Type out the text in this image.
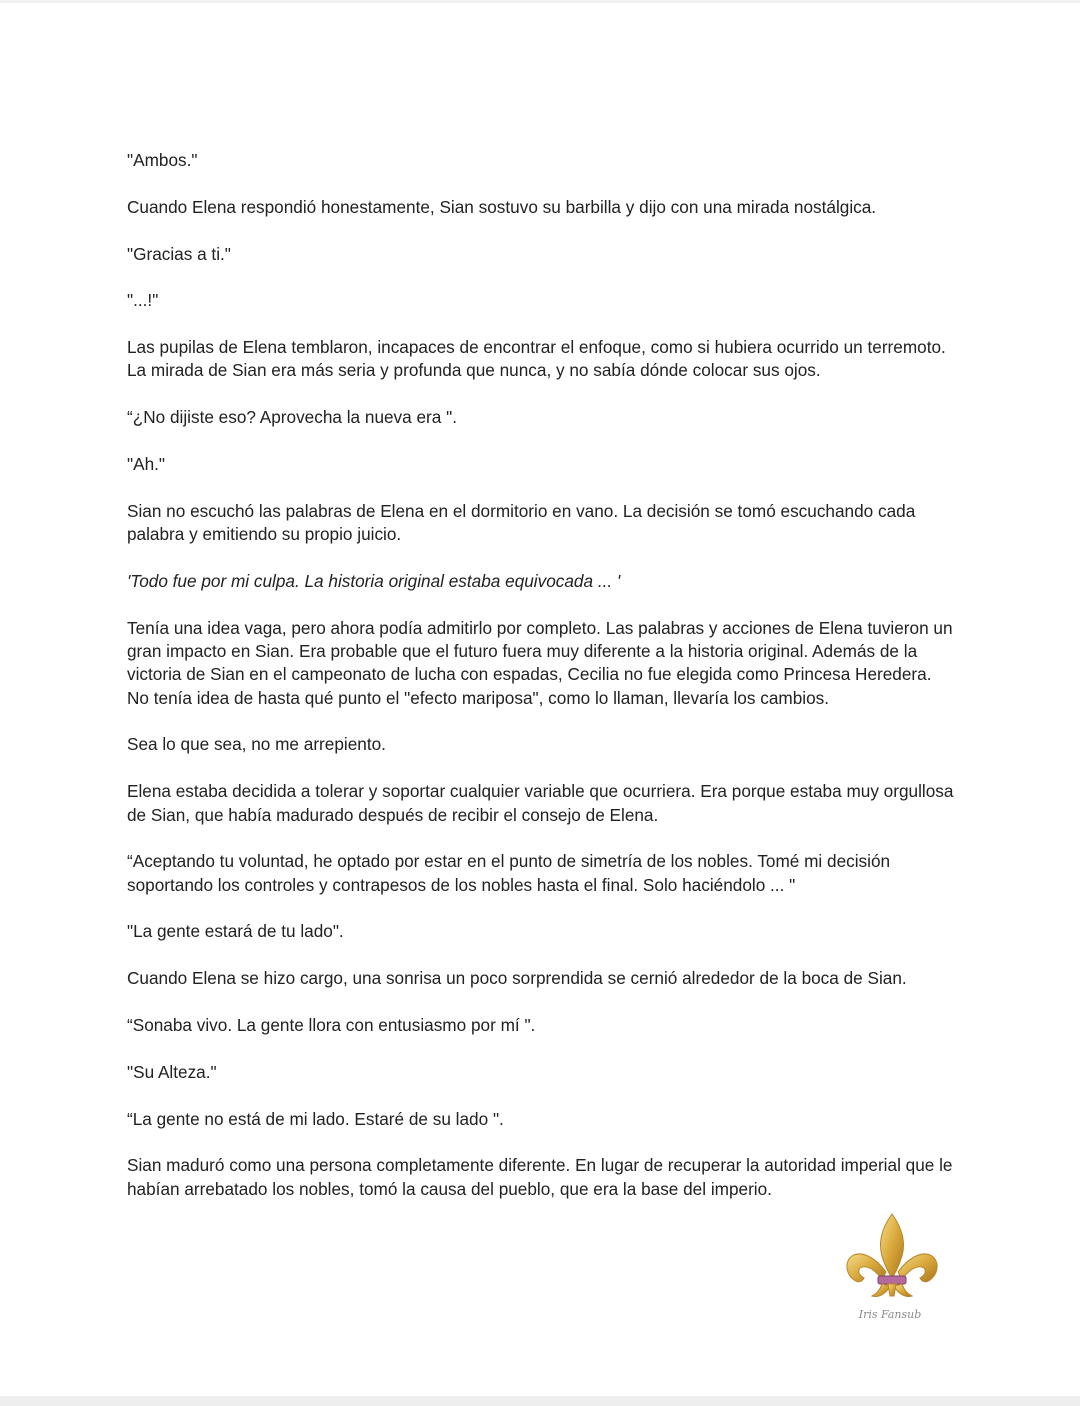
"Ambos."

Cuando Elena respondió honestamente, Sian sostuvo su barbilla y dijo con una mirada nostálgica.

"Gracias a ti."

"...!"

Las pupilas de Elena temblaron, incapaces de encontrar el enfoque, como si hubiera ocurrido un terremoto. La mirada de Sian era más seria y profunda que nunca, y no sabía dónde colocar sus ojos.

“¿No dijiste eso? Aprovecha la nueva era ".

"Ah."

Sian no escuchó las palabras de Elena en el dormitorio en vano. La decisión se tomó escuchando cada palabra y emitiendo su propio juicio.

'Todo fue por mi culpa. La historia original estaba equivocada ... '

Tenía una idea vaga, pero ahora podía admitirlo por completo. Las palabras y acciones de Elena tuvieron un gran impacto en Sian. Era probable que el futuro fuera muy diferente a la historia original. Además de la victoria de Sian en el campeonato de lucha con espadas, Cecilia no fue elegida como Princesa Heredera. No tenía idea de hasta qué punto el "efecto mariposa", como lo llaman, llevaría los cambios.

Sea lo que sea, no me arrepiento.

Elena estaba decidida a tolerar y soportar cualquier variable que ocurriera. Era porque estaba muy orgullosa de Sian, que había madurado después de recibir el consejo de Elena.

“Aceptando tu voluntad, he optado por estar en el punto de simetría de los nobles. Tomé mi decisión soportando los controles y contrapesos de los nobles hasta el final. Solo haciéndolo ... "

"La gente estará de tu lado".

Cuando Elena se hizo cargo, una sonrisa un poco sorprendida se cernió alrededor de la boca de Sian.

“Sonaba vivo. La gente llora con entusiasmo por mí ".

"Su Alteza."

“La gente no está de mi lado. Estaré de su lado ".

Sian maduró como una persona completamente diferente. En lugar de recuperar la autoridad imperial que le habían arrebatado los nobles, tomó la causa del pueblo, que era la base del imperio.

Iris Fansub
